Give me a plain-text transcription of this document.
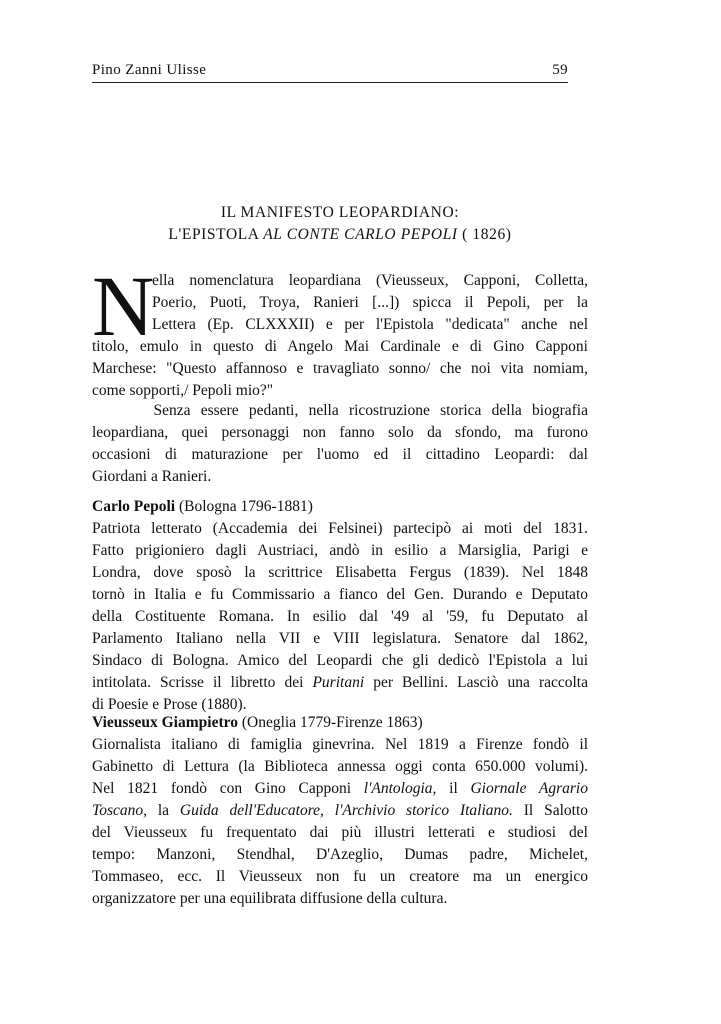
Pino Zanni Ulisse	59
IL MANIFESTO LEOPARDIANO:
L'EPISTOLA AL CONTE CARLO PEPOLI ( 1826)
N
ella nomenclatura leopardiana (Vieusseux, Capponi, Colletta,
Poerio, Puoti, Troya, Ranieri [...]) spicca il Pepoli, per la
Lettera (Ep. CLXXXII) e per l'Epistola "dedicata" anche nel
titolo, emulo in questo di Angelo Mai Cardinale e di Gino Capponi
Marchese: "Questo affannoso e travagliato sonno/ che noi vita nomiam,
come sopporti,/ Pepoli mio?"
Senza essere pedanti, nella ricostruzione storica della biografia
leopardiana, quei personaggi non fanno solo da sfondo, ma furono
occasioni di maturazione per l'uomo ed il cittadino Leopardi: dal
Giordani a Ranieri.
Carlo Pepoli (Bologna 1796-1881)
Patriota letterato (Accademia dei Felsinei) partecipò ai moti del 1831.
Fatto prigioniero dagli Austriaci, andò in esilio a Marsiglia, Parigi e
Londra, dove sposò la scrittrice Elisabetta Fergus (1839). Nel 1848
tornò in Italia e fu Commissario a fianco del Gen. Durando e Deputato
della Costituente Romana. In esilio dal '49 al '59, fu Deputato al
Parlamento Italiano nella VII e VIII legislatura. Senatore dal 1862,
Sindaco di Bologna. Amico del Leopardi che gli dedicò l'Epistola a lui
intitolata. Scrisse il libretto dei Puritani per Bellini. Lasciò una raccolta
di Poesie e Prose (1880).
Vieusseux Giampietro (Oneglia 1779-Firenze 1863)
Giornalista italiano di famiglia ginevrina. Nel 1819 a Firenze fondò il
Gabinetto di Lettura (la Biblioteca annessa oggi conta 650.000 volumi).
Nel 1821 fondò con Gino Capponi l'Antologia, il Giornale Agrario
Toscano, la Guida dell'Educatore, l'Archivio storico Italiano. Il Salotto
del Vieusseux fu frequentato dai più illustri letterati e studiosi del
tempo: Manzoni, Stendhal, D'Azeglio, Dumas padre, Michelet,
Tommaseo, ecc. Il Vieusseux non fu un creatore ma un energico
organizzatore per una equilibrata diffusione della cultura.
